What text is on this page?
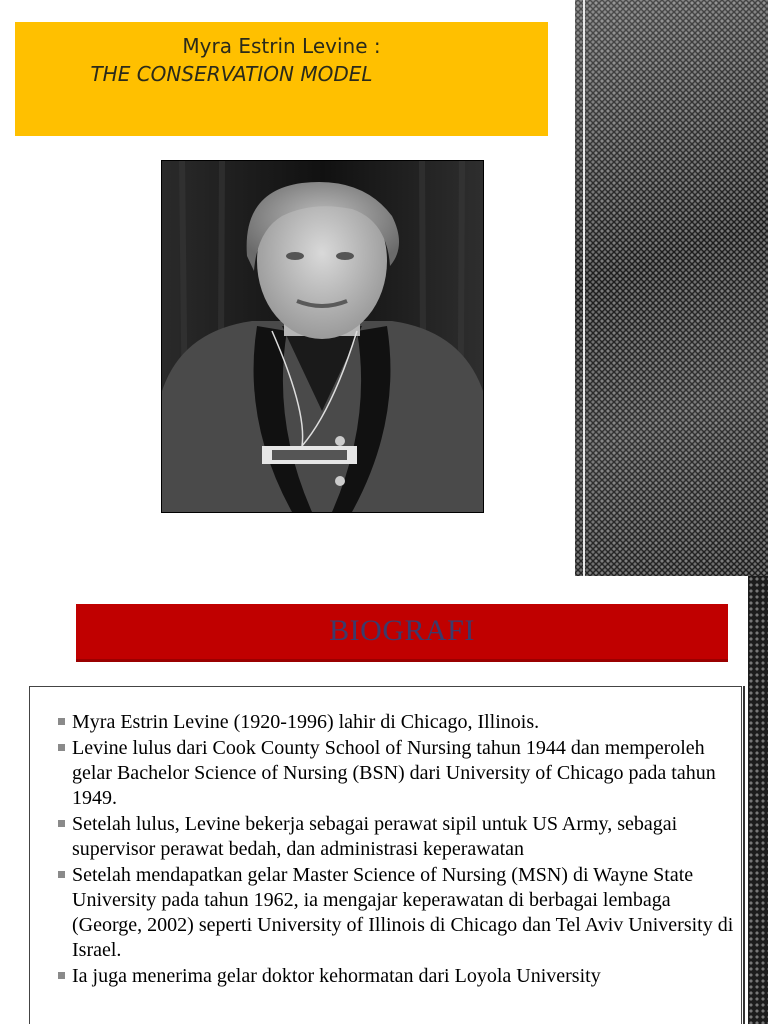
Myra Estrin Levine :
THE CONSERVATION MODEL
BIOGRAFI
Myra Estrin Levine (1920-1996) lahir di Chicago, Illinois.
Levine lulus dari Cook County School of Nursing tahun 1944 dan memperoleh gelar Bachelor Science of Nursing (BSN) dari University of Chicago pada tahun 1949.
Setelah lulus, Levine bekerja sebagai perawat sipil untuk US Army, sebagai supervisor perawat bedah, dan administrasi keperawatan
Setelah mendapatkan gelar Master Science of Nursing (MSN) di Wayne State University pada tahun 1962, ia mengajar keperawatan di berbagai lembaga (George, 2002) seperti University of Illinois di Chicago dan Tel Aviv University di Israel.
Ia juga menerima gelar doktor kehormatan dari Loyola University
